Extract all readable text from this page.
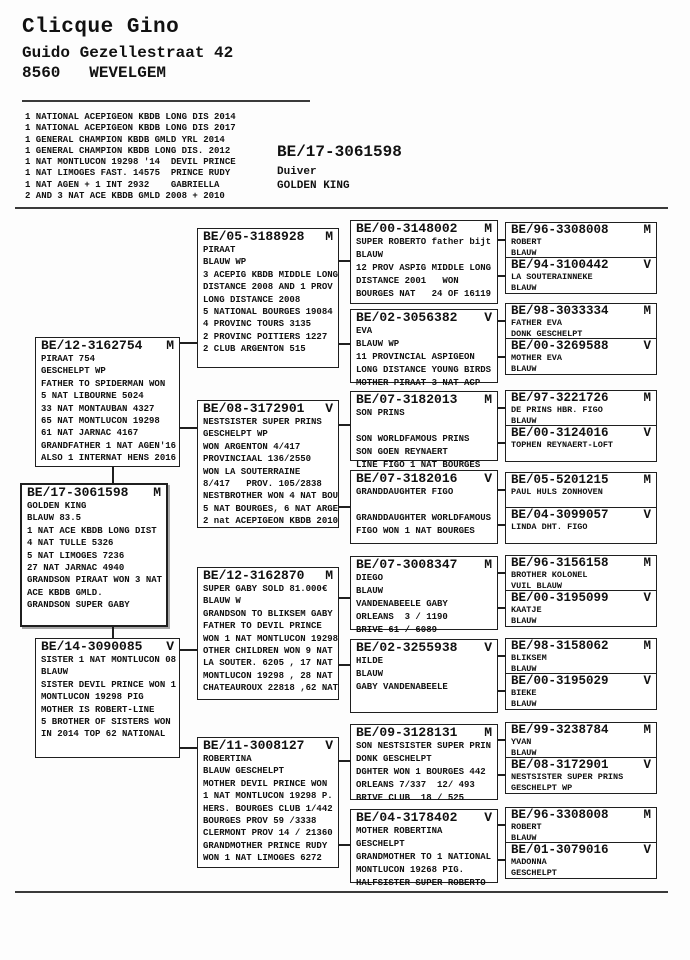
Clicque Gino
Guido Gezellestraat 42
8560   WEVELGEM
1 NATIONAL ACEPIGEON KBDB LONG DIS 2014
1 NATIONAL ACEPIGEON KBDB LONG DIS 2017
1 GENERAL CHAMPION KBDB GMLD YRL 2014
1 GENERAL CHAMPION KBDB LONG DIS. 2012
1 NAT MONTLUCON 19298 '14  DEVIL PRINCE
1 NAT LIMOGES FAST. 14575  PRINCE RUDY
1 NAT AGEN + 1 INT 2932    GABRIELLA
2 AND 3 NAT ACE KBDB GMLD 2008 + 2010
BE/17-3061598
Duiver
GOLDEN KING
BE/17-3061598 M
GOLDEN KING
BLAUW 83.5
1 NAT ACE KBDB LONG DIST
4 NAT TULLE 5326
5 NAT LIMOGES 7236
27 NAT JARNAC 4940
GRANDSON PIRAAT WON 3 NAT
ACE KBDB GMLD.
GRANDSON SUPER GABY
BE/12-3162754 M
PIRAAT 754
GESCHELPT WP
FATHER TO SPIDERMAN WON
5 NAT LIBOURNE 5024
33 NAT MONTAUBAN 4327
65 NAT MONTLUCON 19298
61 NAT JARNAC 4167
GRANDFATHER 1 NAT AGEN'16
ALSO 1 INTERNAT HENS 2016
BE/14-3090085 V
SISTER 1 NAT MONTLUCON 08
BLAUW
SISTER DEVIL PRINCE WON 1
MONTLUCON 19298 PIG
MOTHER IS ROBERT-LINE
5 BROTHER OF SISTERS WON
IN 2014 TOP 62 NATIONAL
BE/05-3188928 M
PIRAAT
BLAUW WP
3 ACEPIG KBDB MIDDLE LONG
DISTANCE 2008 AND 1 PROV
LONG DISTANCE 2008
5 NATIONAL BOURGES 19084
4 PROVINC TOURS 3135
2 PROVINC POITIERS 1227
2 CLUB ARGENTON 515
BE/08-3172901 V
NESTSISTER SUPER PRINS
GESCHELPT WP
WON ARGENTON 4/417
PROVINCIAAL 136/2550
WON LA SOUTERRAINE
8/417   PROV. 105/2838
NESTBROTHER WON 4 NAT BOU
5 NAT BOURGES, 6 NAT ARGE
2 nat ACEPIGEON KBDB 2010
BE/12-3162870 M
SUPER GABY SOLD 81.000€
BLAUW W
GRANDSON TO BLIKSEM GABY
FATHER TO DEVIL PRINCE
WON 1 NAT MONTLUCON 19298
OTHER CHILDREN WON 9 NAT
LA SOUTER. 6205 , 17 NAT
MONTLUCON 19298 , 28 NAT
CHATEAUROUX 22818 ,62 NAT
BE/11-3008127 V
ROBERTINA
BLAUW GESCHELPT
MOTHER DEVIL PRINCE WON
1 NAT MONTLUCON 19298 P.
HERS. BOURGES CLUB 1/442
BOURGES PROV 59 /3338
CLERMONT PROV 14 / 21360
GRANDMOTHER PRINCE RUDY
WON 1 NAT LIMOGES 6272
BE/00-3148002 M
SUPER ROBERTO father bijt
BLAUW
12 PROV ASPIG MIDDLE LONG
DISTANCE 2001   WON
BOURGES NAT   24 OF 16119
BE/02-3056382 V
EVA
BLAUW WP
11 PROVINCIAL ASPIGEON
LONG DISTANCE YOUNG BIRDS
MOTHER PIRAAT 3 NAT ACP
BE/07-3182013 M
SON PRINS

SON WORLDFAMOUS PRINS
SON GOEN REYNAERT
LINE FIGO 1 NAT BOURGES
BE/07-3182016 V
GRANDDAUGHTER FIGO

GRANDDAUGHTER WORLDFAMOUS
FIGO WON 1 NAT BOURGES
BE/07-3008347 M
DIEGO
BLAUW
VANDENABEELE GABY
ORLEANS  3 / 1190
BRIVE 61 / 6089
BE/02-3255938 V
HILDE
BLAUW
GABY VANDENABEELE
BE/09-3128131 M
SON NESTSISTER SUPER PRIN
DONK GESCHELPT
DGHTER WON 1 BOURGES 442
ORLEANS 7/337  12/ 493
BRIVE CLUB  18 / 525
BE/04-3178402 V
MOTHER ROBERTINA
GESCHELPT
GRANDMOTHER TO 1 NATIONAL
MONTLUCON 19268 PIG.
HALFSISTER SUPER ROBERTO
BE/96-3308008	M
ROBERT
BLAUW
BE/94-3100442	V
LA SOUTERAINNEKE
BLAUW
BE/98-3033334	M
FATHER EVA
DONK GESCHELPT
BE/00-3269588	V
MOTHER EVA
BLAUW
BE/97-3221726	M
DE PRINS HBR. FIGO
BLAUW
BE/00-3124016	V
TOPHEN REYNAERT-LOFT
BE/05-5201215	M
PAUL HULS ZONHOVEN
BE/04-3099057	V
LINDA DHT. FIGO
BE/96-3156158	M
BROTHER KOLONEL
VUIL BLAUW
BE/00-3195099	V
KAATJE
BLAUW
BE/98-3158062	M
BLIKSEM
BLAUW
BE/00-3195029	V
BIEKE
BLAUW
BE/99-3238784	M
YVAN
BLAUW
BE/08-3172901	V
NESTSISTER SUPER PRINS
GESCHELPT WP
BE/96-3308008	M
ROBERT
BLAUW
BE/01-3079016	V
MADONNA
GESCHELPT
